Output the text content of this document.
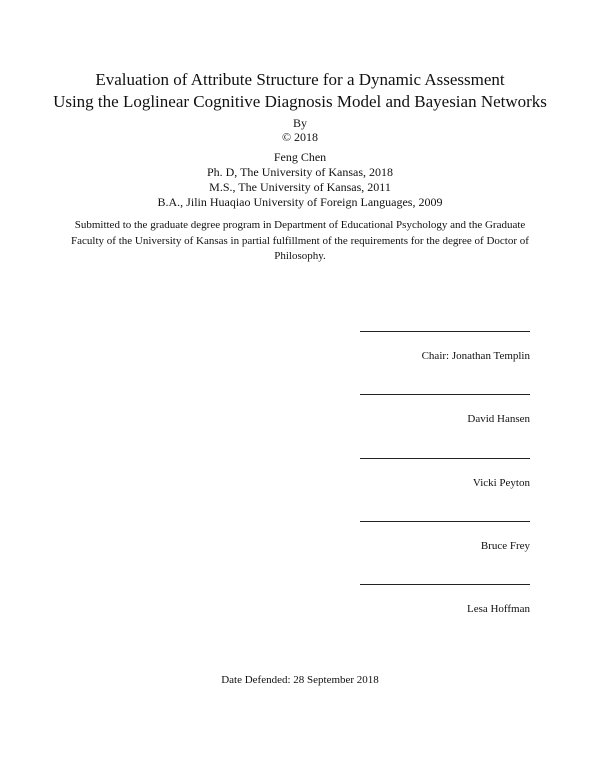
Evaluation of Attribute Structure for a Dynamic Assessment
Using the Loglinear Cognitive Diagnosis Model and Bayesian Networks
By
© 2018
Feng Chen
Ph. D, The University of Kansas, 2018
M.S., The University of Kansas, 2011
B.A., Jilin Huaqiao University of Foreign Languages, 2009
Submitted to the graduate degree program in Department of Educational Psychology and the Graduate Faculty of the University of Kansas in partial fulfillment of the requirements for the degree of Doctor of Philosophy.
Chair: Jonathan Templin
David Hansen
Vicki Peyton
Bruce Frey
Lesa Hoffman
Date Defended: 28 September 2018
